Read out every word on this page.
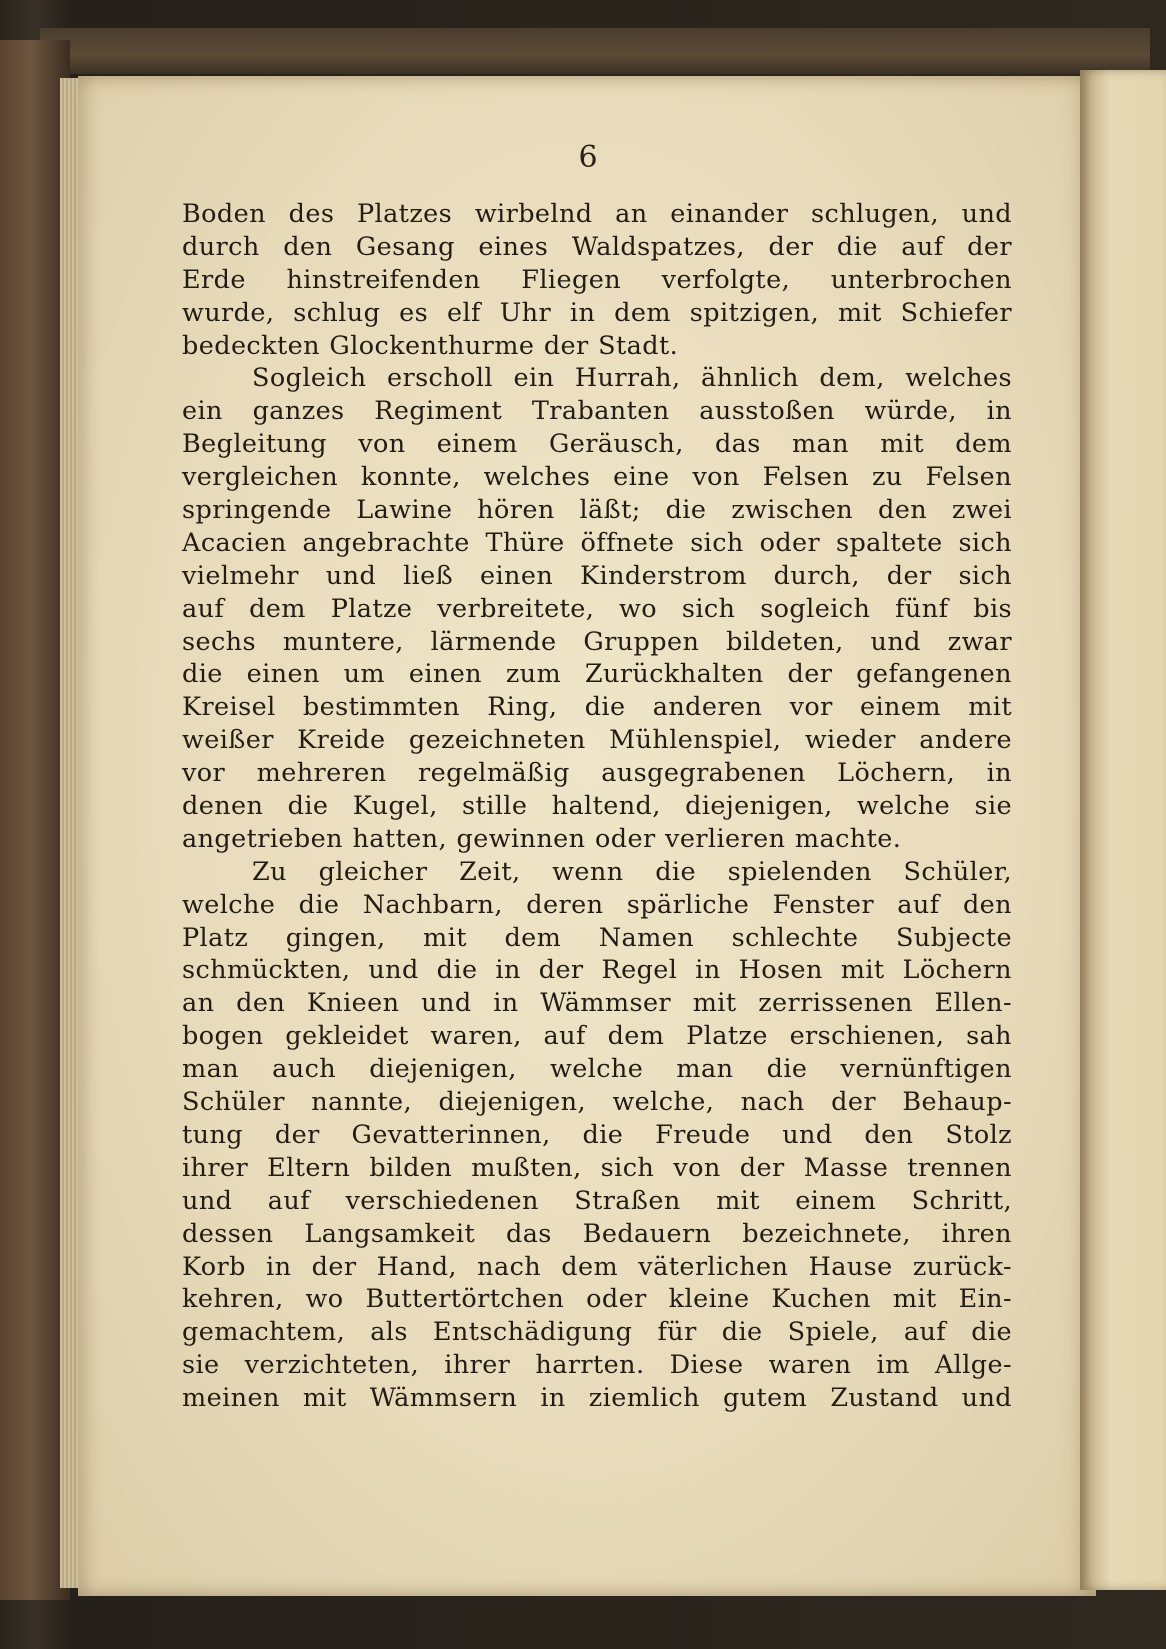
6
Boden des Platzes wirbelnd an einander schlugen, und
durch den Gesang eines Waldspatzes, der die auf der
Erde hinstreifenden Fliegen verfolgte, unterbrochen
wurde, schlug es elf Uhr in dem spitzigen, mit Schiefer
bedeckten Glockenthurme der Stadt.
Sogleich erscholl ein Hurrah, ähnlich dem, welches
ein ganzes Regiment Trabanten ausstoßen würde, in
Begleitung von einem Geräusch, das man mit dem
vergleichen konnte, welches eine von Felsen zu Felsen
springende Lawine hören läßt; die zwischen den zwei
Acacien angebrachte Thüre öffnete sich oder spaltete sich
vielmehr und ließ einen Kinderstrom durch, der sich
auf dem Platze verbreitete, wo sich sogleich fünf bis
sechs muntere, lärmende Gruppen bildeten, und zwar
die einen um einen zum Zurückhalten der gefangenen
Kreisel bestimmten Ring, die anderen vor einem mit
weißer Kreide gezeichneten Mühlenspiel, wieder andere
vor mehreren regelmäßig ausgegrabenen Löchern, in
denen die Kugel, stille haltend, diejenigen, welche sie
angetrieben hatten, gewinnen oder verlieren machte.
Zu gleicher Zeit, wenn die spielenden Schüler,
welche die Nachbarn, deren spärliche Fenster auf den
Platz gingen, mit dem Namen schlechte Subjecte
schmückten, und die in der Regel in Hosen mit Löchern
an den Knieen und in Wämmser mit zerrissenen Ellen-
bogen gekleidet waren, auf dem Platze erschienen, sah
man auch diejenigen, welche man die vernünftigen
Schüler nannte, diejenigen, welche, nach der Behaup-
tung der Gevatterinnen, die Freude und den Stolz
ihrer Eltern bilden mußten, sich von der Masse trennen
und auf verschiedenen Straßen mit einem Schritt,
dessen Langsamkeit das Bedauern bezeichnete, ihren
Korb in der Hand, nach dem väterlichen Hause zurück-
kehren, wo Buttertörtchen oder kleine Kuchen mit Ein-
gemachtem, als Entschädigung für die Spiele, auf die
sie verzichteten, ihrer harrten. Diese waren im Allge-
meinen mit Wämmsern in ziemlich gutem Zustand und
